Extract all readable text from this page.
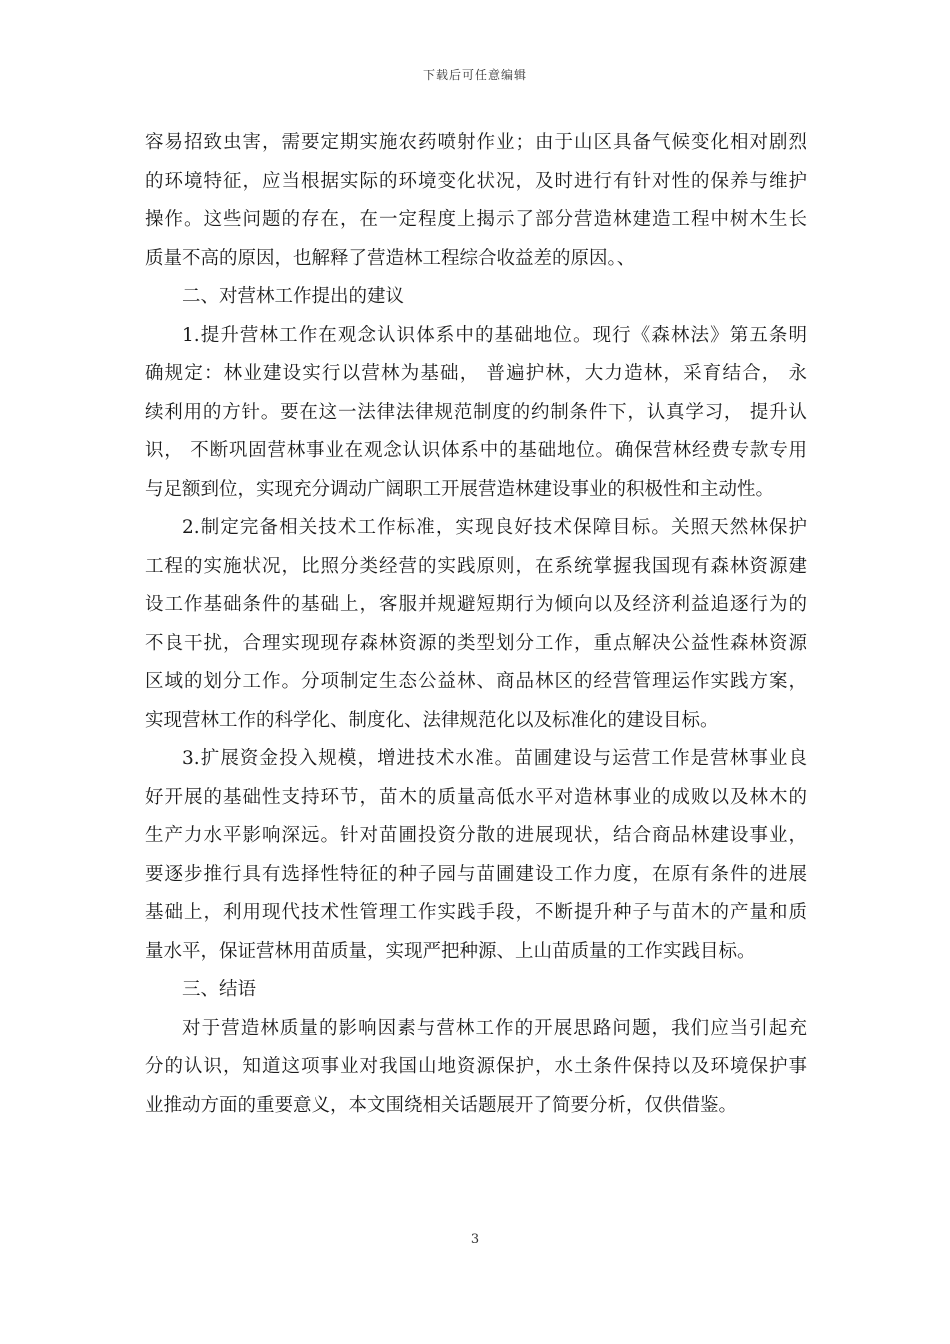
下载后可任意编辑
容易招致虫害，需要定期实施农药喷射作业；由于山区具备气候变化相对剧烈
的环境特征，应当根据实际的环境变化状况，及时进行有针对性的保养与维护
操作。这些问题的存在，在一定程度上揭示了部分营造林建造工程中树木生长
质量不高的原因，也解释了营造林工程综合收益差的原因。、
二、对营林工作提出的建议
1.提升营林工作在观念认识体系中的基础地位。现行《森林法》第五条明
确规定：林业建设实行以营林为基础， 普遍护林，大力造林，采育结合， 永
续利用的方针。要在这一法律法律规范制度的约制条件下，认真学习， 提升认
识， 不断巩固营林事业在观念认识体系中的基础地位。确保营林经费专款专用
与足额到位，实现充分调动广阔职工开展营造林建设事业的积极性和主动性。
2.制定完备相关技术工作标准，实现良好技术保障目标。关照天然林保护
工程的实施状况，比照分类经营的实践原则，在系统掌握我国现有森林资源建
设工作基础条件的基础上，客服并规避短期行为倾向以及经济利益追逐行为的
不良干扰，合理实现现存森林资源的类型划分工作，重点解决公益性森林资源
区域的划分工作。分项制定生态公益林、商品林区的经营管理运作实践方案，
实现营林工作的科学化、制度化、法律规范化以及标准化的建设目标。
3.扩展资金投入规模，增进技术水准。苗圃建设与运营工作是营林事业良
好开展的基础性支持环节，苗木的质量高低水平对造林事业的成败以及林木的
生产力水平影响深远。针对苗圃投资分散的进展现状，结合商品林建设事业，
要逐步推行具有选择性特征的种子园与苗圃建设工作力度，在原有条件的进展
基础上，利用现代技术性管理工作实践手段，不断提升种子与苗木的产量和质
量水平，保证营林用苗质量，实现严把种源、上山苗质量的工作实践目标。
三、结语
对于营造林质量的影响因素与营林工作的开展思路问题，我们应当引起充
分的认识，知道这项事业对我国山地资源保护，水土条件保持以及环境保护事
业推动方面的重要意义，本文围绕相关话题展开了简要分析，仅供借鉴。
3
